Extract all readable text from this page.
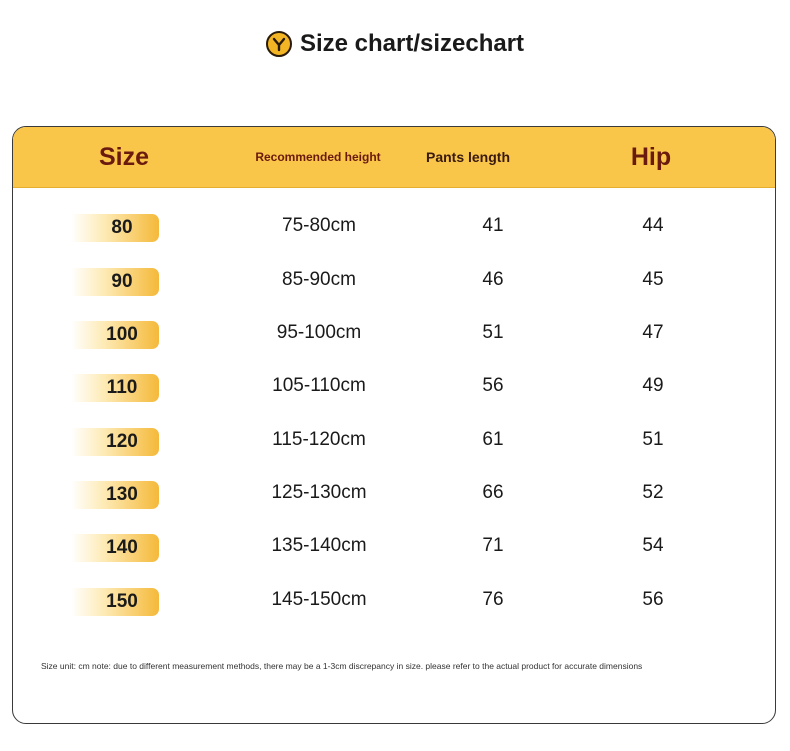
Size chart/sizechart
Size	Recommended height	Pants length	Hip
80	75-80cm	41	44
90	85-90cm	46	45
100	95-100cm	51	47
110	105-110cm	56	49
120	115-120cm	61	51
130	125-130cm	66	52
140	135-140cm	71	54
150	145-150cm	76	56
Size unit: cm note: due to different measurement methods, there may be a 1-3cm discrepancy in size. please refer to the actual product for accurate dimensions
